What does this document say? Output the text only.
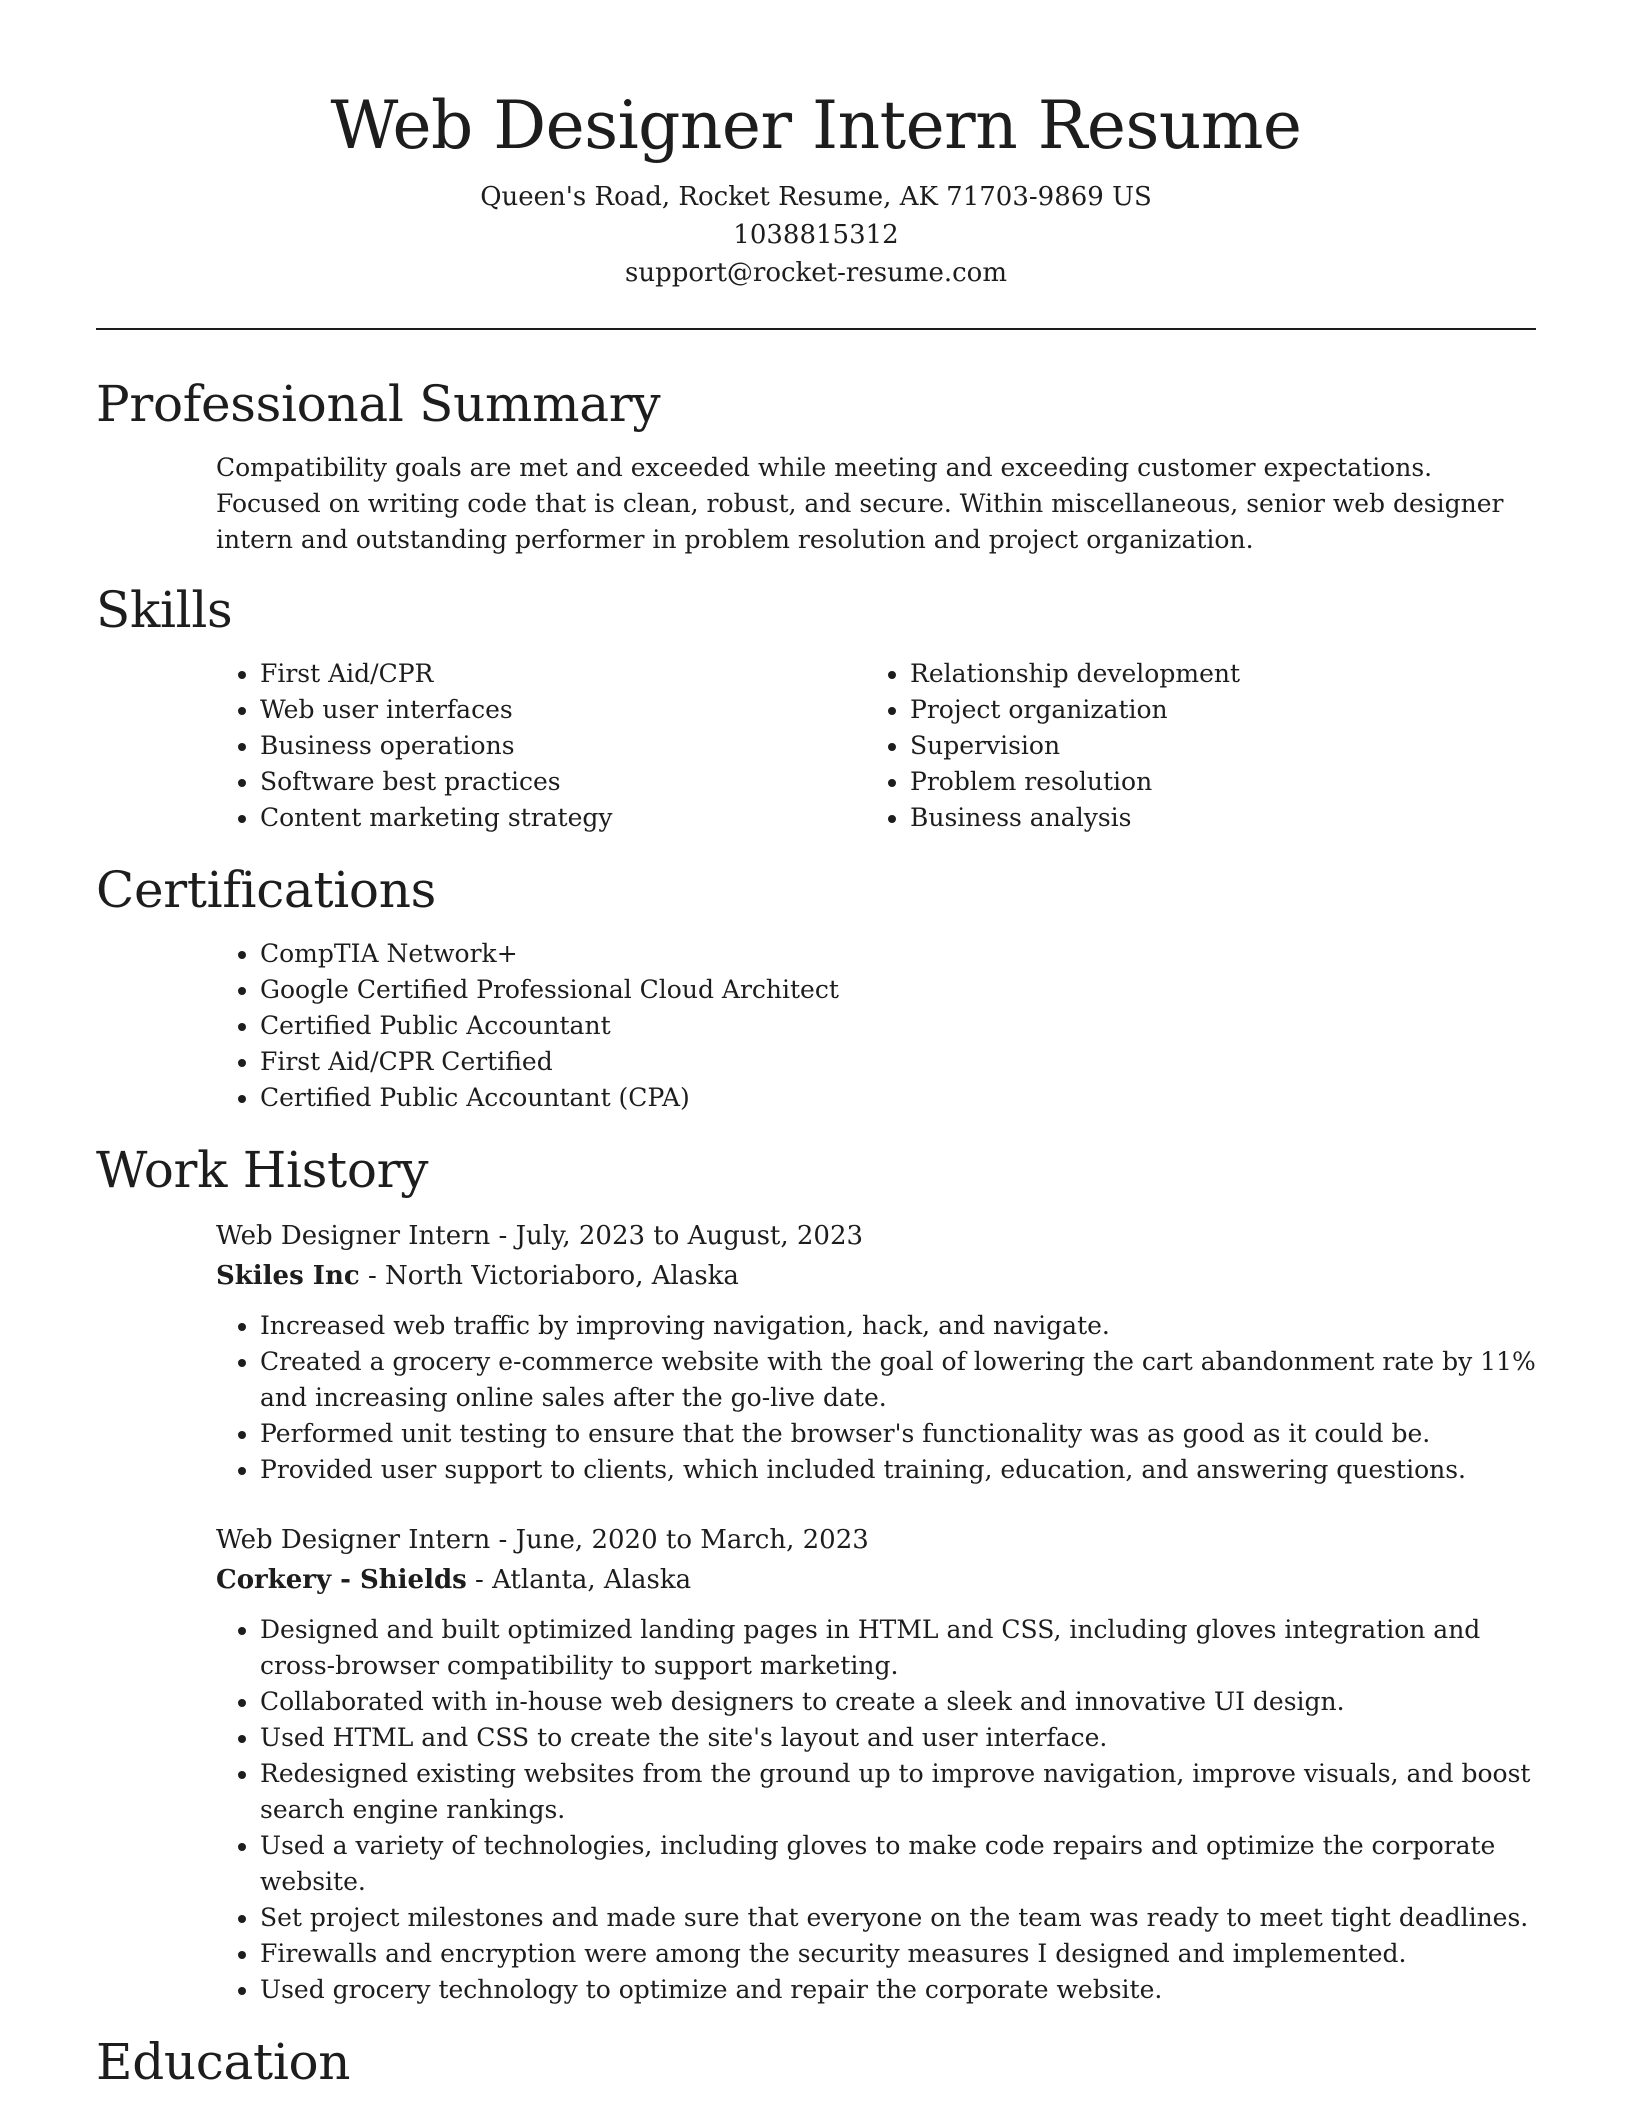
Web Designer Intern Resume
Queen's Road, Rocket Resume, AK 71703-9869 US
1038815312
support@rocket-resume.com
Professional Summary

Compatibility goals are met and exceeded while meeting and exceeding customer expectations. Focused on writing code that is clean, robust, and secure. Within miscellaneous, senior web designer intern and outstanding performer in problem resolution and project organization.

Skills
• First Aid/CPR
• Web user interfaces
• Business operations
• Software best practices
• Content marketing strategy
• Relationship development
• Project organization
• Supervision
• Problem resolution
• Business analysis
Certifications
• CompTIA Network+
• Google Certified Professional Cloud Architect
• Certified Public Accountant
• First Aid/CPR Certified
• Certified Public Accountant (CPA)
Work History
Web Designer Intern - July, 2023 to August, 2023
Skiles Inc - North Victoriaboro, Alaska
• Increased web traffic by improving navigation, hack, and navigate.
• Created a grocery e-commerce website with the goal of lowering the cart abandonment rate by 11% and increasing online sales after the go-live date.
• Performed unit testing to ensure that the browser's functionality was as good as it could be.
• Provided user support to clients, which included training, education, and answering questions.
Web Designer Intern - June, 2020 to March, 2023
Corkery - Shields - Atlanta, Alaska
• Designed and built optimized landing pages in HTML and CSS, including gloves integration and cross-browser compatibility to support marketing.
• Collaborated with in-house web designers to create a sleek and innovative UI design.
• Used HTML and CSS to create the site's layout and user interface.
• Redesigned existing websites from the ground up to improve navigation, improve visuals, and boost search engine rankings.
• Used a variety of technologies, including gloves to make code repairs and optimize the corporate website.
• Set project milestones and made sure that everyone on the team was ready to meet tight deadlines.
• Firewalls and encryption were among the security measures I designed and implemented.
• Used grocery technology to optimize and repair the corporate website.
Education
